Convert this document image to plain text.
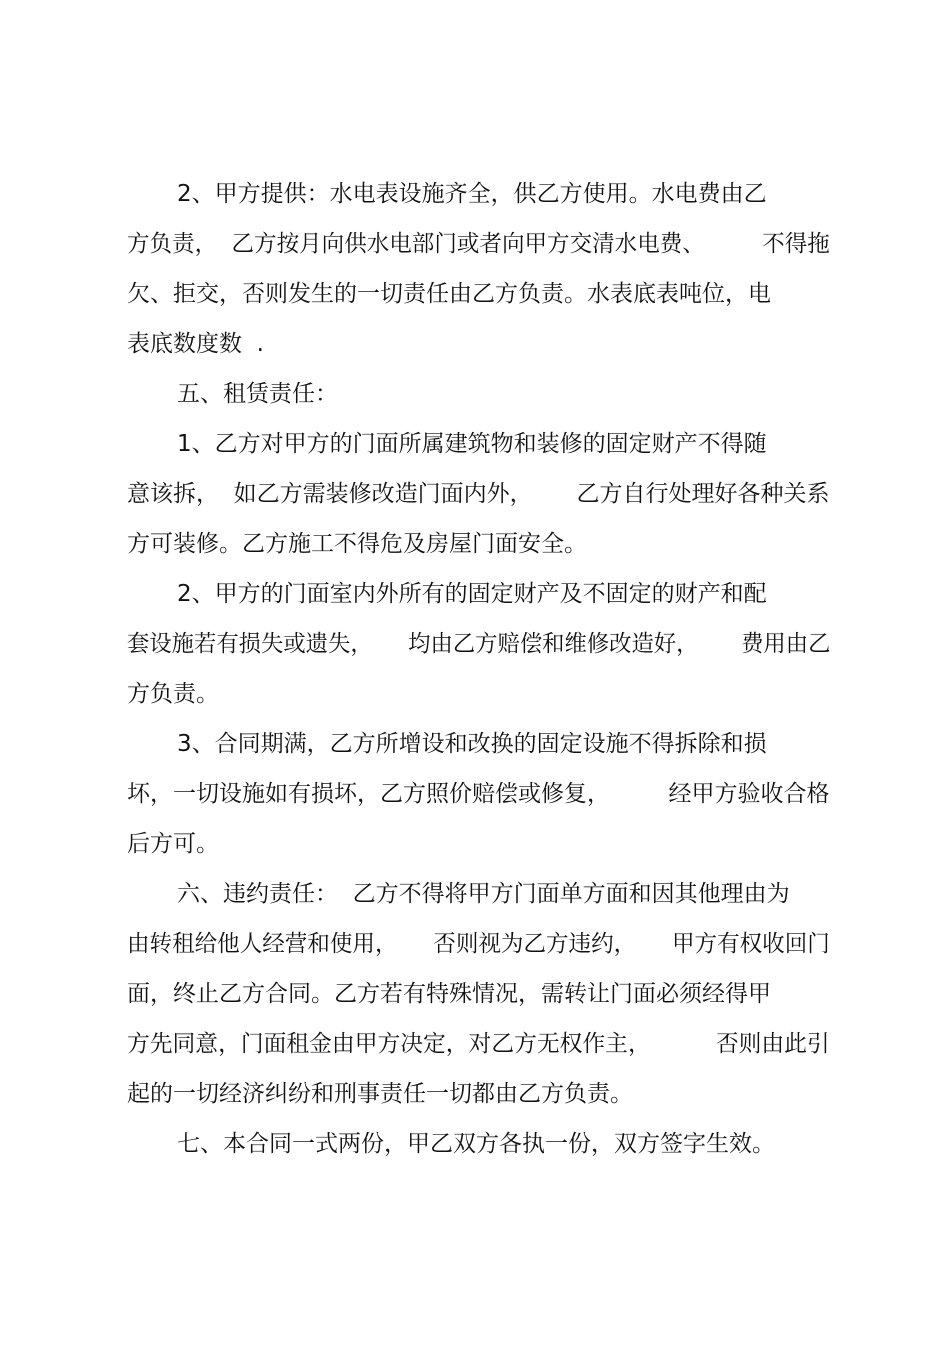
2、甲方提供：水电表设施齐全，供乙方使用。水电费由乙

方负责，  乙方按月向供水电部门或者向甲方交清水电费、        不得拖

欠、拒交，否则发生的一切责任由乙方负责。水表底表吨位，电

表底数度数  .

五、租赁责任：

1、乙方对甲方的门面所属建筑物和装修的固定财产不得随

意该拆，  如乙方需装修改造门面内外，      乙方自行处理好各种关系

方可装修。乙方施工不得危及房屋门面安全。

2、甲方的门面室内外所有的固定财产及不固定的财产和配

套设施若有损失或遗失，     均由乙方赔偿和维修改造好，      费用由乙

方负责。

3、合同期满，乙方所增设和改换的固定设施不得拆除和损

坏，一切设施如有损坏，乙方照价赔偿或修复，        经甲方验收合格

后方可。

六、违约责任：  乙方不得将甲方门面单方面和因其他理由为

由转租给他人经营和使用，     否则视为乙方违约，     甲方有权收回门

面，终止乙方合同。乙方若有特殊情况，需转让门面必须经得甲

方先同意，门面租金由甲方决定，对乙方无权作主，         否则由此引

起的一切经济纠纷和刑事责任一切都由乙方负责。

七、本合同一式两份，甲乙双方各执一份，双方签字生效。
